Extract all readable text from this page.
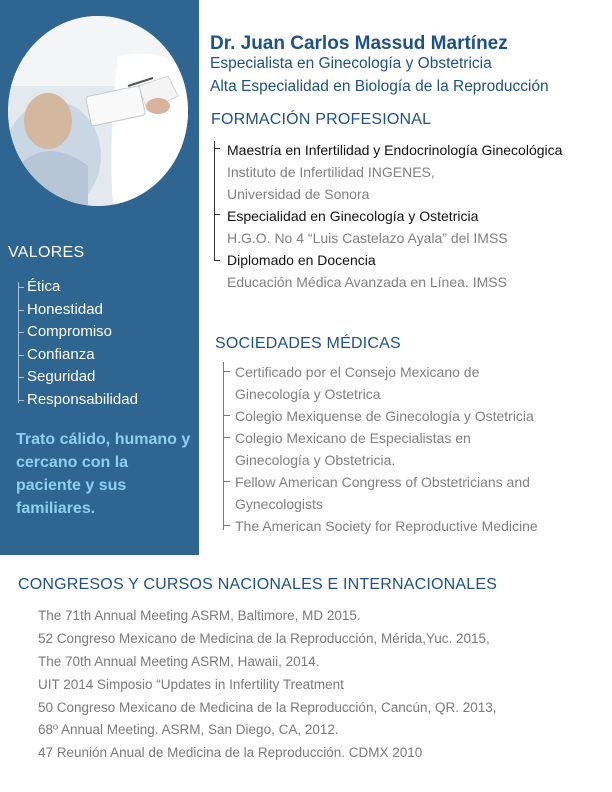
VALORES
Ética
Honestidad
Compromiso
Confianza
Seguridad
Responsabilidad
Trato cálido, humano y cercano con la paciente y sus familiares.
Dr. Juan Carlos Massud Martínez
Especialista en Ginecología y Obstetricia
Alta Especialidad en Biología de la Reproducción
FORMACIÓN PROFESIONAL
Maestría en Infertilidad y Endocrinología Ginecológica
Instituto de Infertilidad INGENES,
Universidad de Sonora
Especialidad en Ginecología y Ostetricia
H.G.O. No 4 “Luis Castelazo Ayala” del IMSS
Diplomado en Docencia
Educación Médica Avanzada en Línea. IMSS
SOCIEDADES MÉDICAS
Certificado por el Consejo Mexicano de Ginecología y Ostetrica
Colegio Mexiquense de Ginecología y Ostetricia
Colegio Mexicano de Especialistas en Ginecología y Obstetricia.
Fellow American Congress of Obstetricians and Gynecologists
The American Society for Reproductive Medicine
CONGRESOS Y CURSOS NACIONALES E INTERNACIONALES
The 71th Annual Meeting ASRM, Baltimore, MD 2015.
52 Congreso Mexicano de Medicina de la Reproducción, Mérida,Yuc. 2015,
The 70th Annual Meeting ASRM, Hawaii, 2014.
UIT 2014 Simposio “Updates in Infertility Treatment
50 Congreso Mexicano de Medicina de la Reproducción, Cancún, QR. 2013,
68º Annual Meeting. ASRM, San Diego, CA, 2012.
47 Reunión Anual de Medicina de la Reproducción. CDMX 2010
